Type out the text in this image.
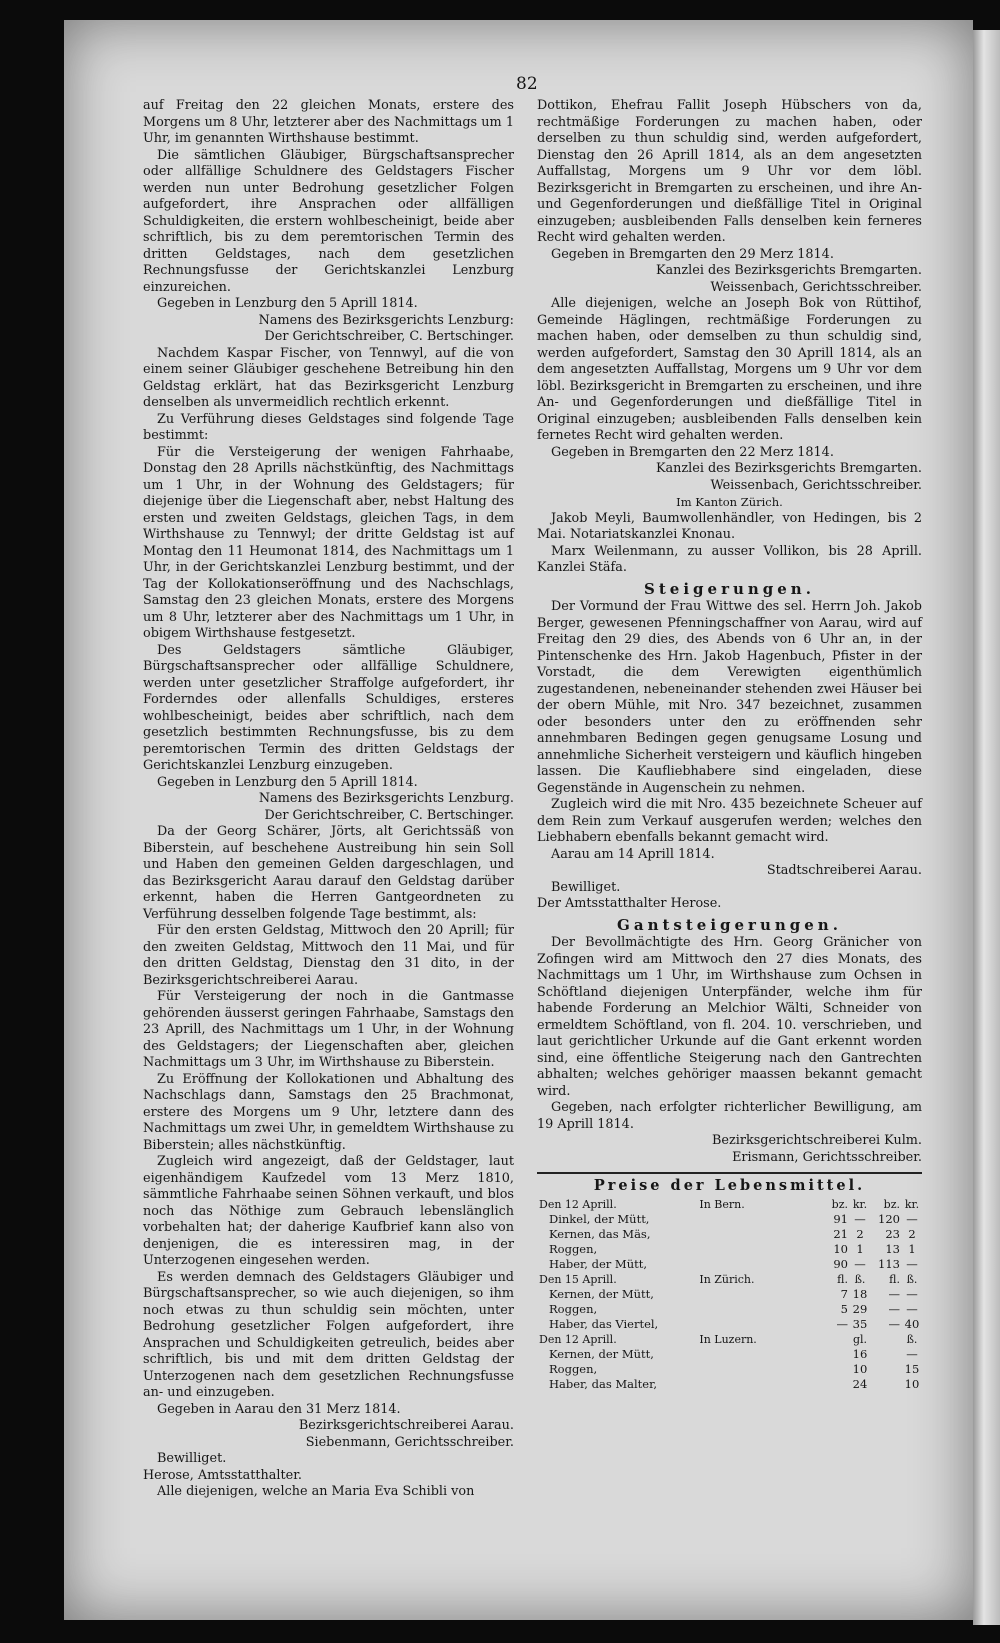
82

auf Freitag den 22 gleichen Monats, erstere des Morgens um 8 Uhr, letzterer aber des Nachmittags um 1 Uhr, im genannten Wirthshause bestimmt.

Die sämtlichen Gläubiger, Bürgschaftsansprecher oder allfällige Schuldnere des Geldstagers Fischer werden nun unter Bedrohung gesetzlicher Folgen aufgefordert, ihre Ansprachen oder allfälligen Schuldigkeiten, die erstern wohlbescheinigt, beide aber schriftlich, bis zu dem peremtorischen Termin des dritten Geldstages, nach dem gesetzlichen Rechnungsfusse der Gerichtskanzlei Lenzburg einzureichen.

Gegeben in Lenzburg den 5 Aprill 1814.

Namens des Bezirksgerichts Lenzburg:

Der Gerichtschreiber, C. Bertschinger.

Nachdem Kaspar Fischer, von Tennwyl, auf die von einem seiner Gläubiger geschehene Betreibung hin den Geldstag erklärt, hat das Bezirksgericht Lenzburg denselben als unvermeidlich rechtlich erkennt.

Zu Verführung dieses Geldstages sind folgende Tage bestimmt:

Für die Versteigerung der wenigen Fahrhaabe, Donstag den 28 Aprills nächstkünftig, des Nachmittags um 1 Uhr, in der Wohnung des Geldstagers; für diejenige über die Liegenschaft aber, nebst Haltung des ersten und zweiten Geldstags, gleichen Tags, in dem Wirthshause zu Tennwyl; der dritte Geldstag ist auf Montag den 11 Heumonat 1814, des Nachmittags um 1 Uhr, in der Gerichtskanzlei Lenzburg bestimmt, und der Tag der Kollokationseröffnung und des Nachschlags, Samstag den 23 gleichen Monats, erstere des Morgens um 8 Uhr, letzterer aber des Nachmittags um 1 Uhr, in obigem Wirthshause festgesetzt.

Des Geldstagers sämtliche Gläubiger, Bürgschaftsansprecher oder allfällige Schuldnere, werden unter gesetzlicher Straffolge aufgefordert, ihr Forderndes oder allenfalls Schuldiges, ersteres wohlbescheinigt, beides aber schriftlich, nach dem gesetzlich bestimmten Rechnungsfusse, bis zu dem peremtorischen Termin des dritten Geldstags der Gerichtskanzlei Lenzburg einzugeben.

Gegeben in Lenzburg den 5 Aprill 1814.

Namens des Bezirksgerichts Lenzburg.

Der Gerichtschreiber, C. Bertschinger.

Da der Georg Schärer, Jörts, alt Gerichtssäß von Biberstein, auf beschehene Austreibung hin sein Soll und Haben den gemeinen Gelden dargeschlagen, und das Bezirksgericht Aarau darauf den Geldstag darüber erkennt, haben die Herren Gantgeordneten zu Verführung desselben folgende Tage bestimmt, als:

Für den ersten Geldstag, Mittwoch den 20 Aprill; für den zweiten Geldstag, Mittwoch den 11 Mai, und für den dritten Geldstag, Dienstag den 31 dito, in der Bezirksgerichtschreiberei Aarau.

Für Versteigerung der noch in die Gantmasse gehörenden äusserst geringen Fahrhaabe, Samstags den 23 Aprill, des Nachmittags um 1 Uhr, in der Wohnung des Geldstagers; der Liegenschaften aber, gleichen Nachmittags um 3 Uhr, im Wirthshause zu Biberstein.

Zu Eröffnung der Kollokationen und Abhaltung des Nachschlags dann, Samstags den 25 Brachmonat, erstere des Morgens um 9 Uhr, letztere dann des Nachmittags um zwei Uhr, in gemeldtem Wirthshause zu Biberstein; alles nächstkünftig.

Zugleich wird angezeigt, daß der Geldstager, laut eigenhändigem Kaufzedel vom 13 Merz 1810, sämmtliche Fahrhaabe seinen Söhnen verkauft, und blos noch das Nöthige zum Gebrauch lebenslänglich vorbehalten hat; der daherige Kaufbrief kann also von denjenigen, die es interessiren mag, in der Unterzogenen eingesehen werden.

Es werden demnach des Geldstagers Gläubiger und Bürgschaftsansprecher, so wie auch diejenigen, so ihm noch etwas zu thun schuldig sein möchten, unter Bedrohung gesetzlicher Folgen aufgefordert, ihre Ansprachen und Schuldigkeiten getreulich, beides aber schriftlich, bis und mit dem dritten Geldstag der Unterzogenen nach dem gesetzlichen Rechnungsfusse an- und einzugeben.

Gegeben in Aarau den 31 Merz 1814.

Bezirksgerichtschreiberei Aarau.

Siebenmann, Gerichtsschreiber.

Bewilliget.

Herose, Amtsstatthalter.

Alle diejenigen, welche an Maria Eva Schibli von

Dottikon, Ehefrau Fallit Joseph Hübschers von da, rechtmäßige Forderungen zu machen haben, oder derselben zu thun schuldig sind, werden aufgefordert, Dienstag den 26 Aprill 1814, als an dem angesetzten Auffallstag, Morgens um 9 Uhr vor dem löbl. Bezirksgericht in Bremgarten zu erscheinen, und ihre An- und Gegenforderungen und dießfällige Titel in Original einzugeben; ausbleibenden Falls denselben kein ferneres Recht wird gehalten werden.

Gegeben in Bremgarten den 29 Merz 1814.

Kanzlei des Bezirksgerichts Bremgarten.

Weissenbach, Gerichtsschreiber.

Alle diejenigen, welche an Joseph Bok von Rüttihof, Gemeinde Häglingen, rechtmäßige Forderungen zu machen haben, oder demselben zu thun schuldig sind, werden aufgefordert, Samstag den 30 Aprill 1814, als an dem angesetzten Auffallstag, Morgens um 9 Uhr vor dem löbl. Bezirksgericht in Bremgarten zu erscheinen, und ihre An- und Gegenforderungen und dießfällige Titel in Original einzugeben; ausbleibenden Falls denselben kein fernetes Recht wird gehalten werden.

Gegeben in Bremgarten den 22 Merz 1814.

Kanzlei des Bezirksgerichts Bremgarten.

Weissenbach, Gerichtsschreiber.

Im Kanton Zürich.

Jakob Meyli, Baumwollenhändler, von Hedingen, bis 2 Mai. Notariatskanzlei Knonau.

Marx Weilenmann, zu ausser Vollikon, bis 28 Aprill. Kanzlei Stäfa.

Steigerungen.

Der Vormund der Frau Wittwe des sel. Herrn Joh. Jakob Berger, gewesenen Pfenningschaffner von Aarau, wird auf Freitag den 29 dies, des Abends von 6 Uhr an, in der Pintenschenke des Hrn. Jakob Hagenbuch, Pfister in der Vorstadt, die dem Verewigten eigenthümlich zugestandenen, nebeneinander stehenden zwei Häuser bei der obern Mühle, mit Nro. 347 bezeichnet, zusammen oder besonders unter den zu eröffnenden sehr annehmbaren Bedingen gegen genugsame Losung und annehmliche Sicherheit versteigern und käuflich hingeben lassen. Die Kaufliebhabere sind eingeladen, diese Gegenstände in Augenschein zu nehmen.

Zugleich wird die mit Nro. 435 bezeichnete Scheuer auf dem Rein zum Verkauf ausgerufen werden; welches den Liebhabern ebenfalls bekannt gemacht wird.

Aarau am 14 Aprill 1814.

Stadtschreiberei Aarau.

Bewilliget.

Der Amtsstatthalter Herose.

Gantsteigerungen.

Der Bevollmächtigte des Hrn. Georg Gränicher von Zofingen wird am Mittwoch den 27 dies Monats, des Nachmittags um 1 Uhr, im Wirthshause zum Ochsen in Schöftland diejenigen Unterpfänder, welche ihm für habende Forderung an Melchior Wälti, Schneider von ermeldtem Schöftland, von fl. 204. 10. verschrieben, und laut gerichtlicher Urkunde auf die Gant erkennt worden sind, eine öffentliche Steigerung nach den Gantrechten abhalten; welches gehöriger maassen bekannt gemacht wird.

Gegeben, nach erfolgter richterlicher Bewilligung, am 19 Aprill 1814.

Bezirksgerichtschreiberei Kulm.

Erismann, Gerichtsschreiber.

Preise der Lebensmittel.

Den 12 Aprill.	In Bern.	bz.	kr.	bz.	kr.
Dinkel, der Mütt,		91	—	120	—
Kernen, das Mäs,		21	2	23	2
Roggen,		10	1	13	1
Haber, der Mütt,		90	—	113	—
Den 15 Aprill.	In Zürich.	fl.	ß.	fl.	ß.
Kernen, der Mütt,		7	18	—	—
Roggen,		5	29	—	—
Haber, das Viertel,		—	35	—	40
Den 12 Aprill.	In Luzern.		gl.		ß.
Kernen, der Mütt,			16		—
Roggen,			10		15
Haber, das Malter,			24		10
